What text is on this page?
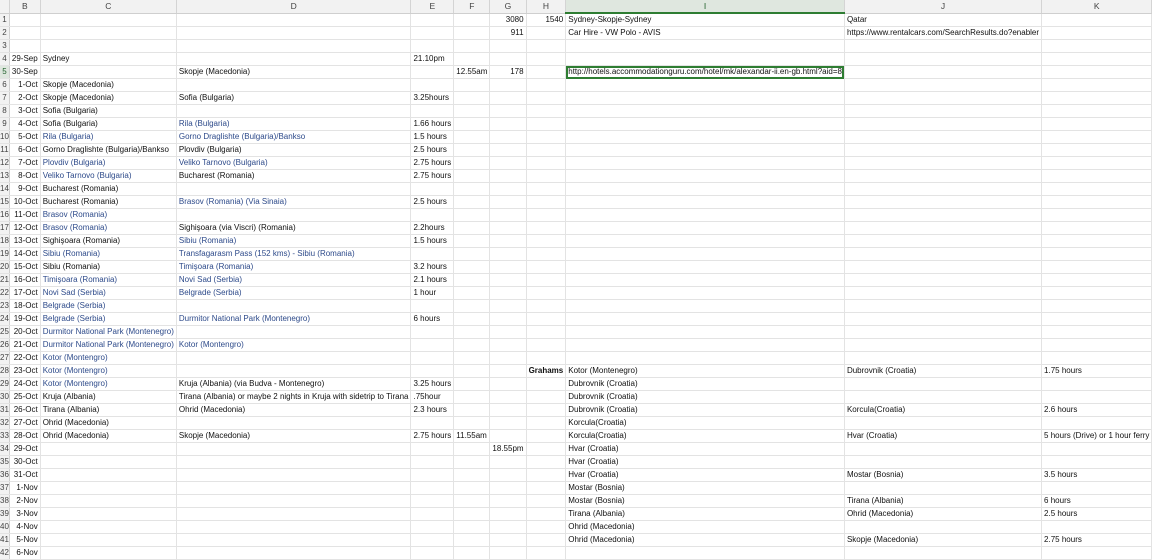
	B	C	D	E	F	G	H	I	J	K
1						3080	1540	Sydney-Skopje-Sydney	Qatar	
2						911		Car Hire - VW Polo - AVIS	https://www.rentalcars.com/SearchResults.do?enabler	
3										
4	29-Sep	Sydney		21.10pm						
5	30-Sep		Skopje (Macedonia)		12.55am	178		http://hotels.accommodationguru.com/hotel/mk/alexandar-ii.en-gb.html?aid=8		
6	1-Oct	Skopje (Macedonia)								
7	2-Oct	Skopje (Macedonia)	Sofia (Bulgaria)	3.25hours						
8	3-Oct	Sofia (Bulgaria)								
9	4-Oct	Sofia (Bulgaria)	Rila (Bulgaria)	1.66 hours						
10	5-Oct	Rila (Bulgaria)	Gorno Draglishte (Bulgaria)/Bankso	1.5 hours						
11	6-Oct	Gorno Draglishte (Bulgaria)/Bankso	Plovdiv (Bulgaria)	2.5 hours						
12	7-Oct	Plovdiv (Bulgaria)	Veliko Tarnovo (Bulgaria)	2.75 hours						
13	8-Oct	Veliko Tarnovo (Bulgaria)	Bucharest (Romania)	2.75 hours						
14	9-Oct	Bucharest (Romania)								
15	10-Oct	Bucharest (Romania)	Brasov (Romania) (Via Sinaia)	2.5 hours						
16	11-Oct	Brasov (Romania)								
17	12-Oct	Brasov (Romania)	Sighişoara (via Viscri) (Romania)	2.2hours						
18	13-Oct	Sighişoara (Romania)	Sibiu (Romania)	1.5 hours						
19	14-Oct	Sibiu (Romania)	Transfagarasm Pass (152 kms) - Sibiu (Romania)							
20	15-Oct	Sibiu (Romania)	Timişoara (Romania)	3.2 hours						
21	16-Oct	Timişoara (Romania)	Novi Sad (Serbia)	2.1 hours						
22	17-Oct	Novi Sad (Serbia)	Belgrade (Serbia)	1 hour						
23	18-Oct	Belgrade (Serbia)								
24	19-Oct	Belgrade (Serbia)	Durmitor National Park (Montenegro)	6 hours						
25	20-Oct	Durmitor National Park (Montenegro)								
26	21-Oct	Durmitor National Park (Montenegro)	Kotor (Montengro)							
27	22-Oct	Kotor (Montengro)								
28	23-Oct	Kotor (Montengro)					Grahams	Kotor (Montenegro)	Dubrovnik (Croatia)	1.75 hours
29	24-Oct	Kotor (Montengro)	Kruja (Albania) (via Budva - Montenegro)	3.25 hours				Dubrovnik (Croatia)		
30	25-Oct	Kruja (Albania)	Tirana (Albania) or maybe 2 nights in Kruja with sidetrip to Tirana	.75hour				Dubrovnik (Croatia)		
31	26-Oct	Tirana (Albania)	Ohrid (Macedonia)	2.3 hours				Dubrovnik (Croatia)	Korcula(Croatia)	2.6 hours
32	27-Oct	Ohrid (Macedonia)						Korcula(Croatia)		
33	28-Oct	Ohrid (Macedonia)	Skopje (Macedonia)	2.75 hours	11.55am			Korcula(Croatia)	Hvar (Croatia)	5 hours (Drive) or 1 hour ferry
34	29-Oct					18.55pm		Hvar (Croatia)		
35	30-Oct							Hvar (Croatia)		
36	31-Oct							Hvar (Croatia)	Mostar (Bosnia)	3.5 hours
37	1-Nov							Mostar (Bosnia)		
38	2-Nov							Mostar (Bosnia)	Tirana (Albania)	6 hours
39	3-Nov							Tirana (Albania)	Ohrid (Macedonia)	2.5 hours
40	4-Nov							Ohrid (Macedonia)		
41	5-Nov							Ohrid (Macedonia)	Skopje (Macedonia)	2.75 hours
42	6-Nov									
